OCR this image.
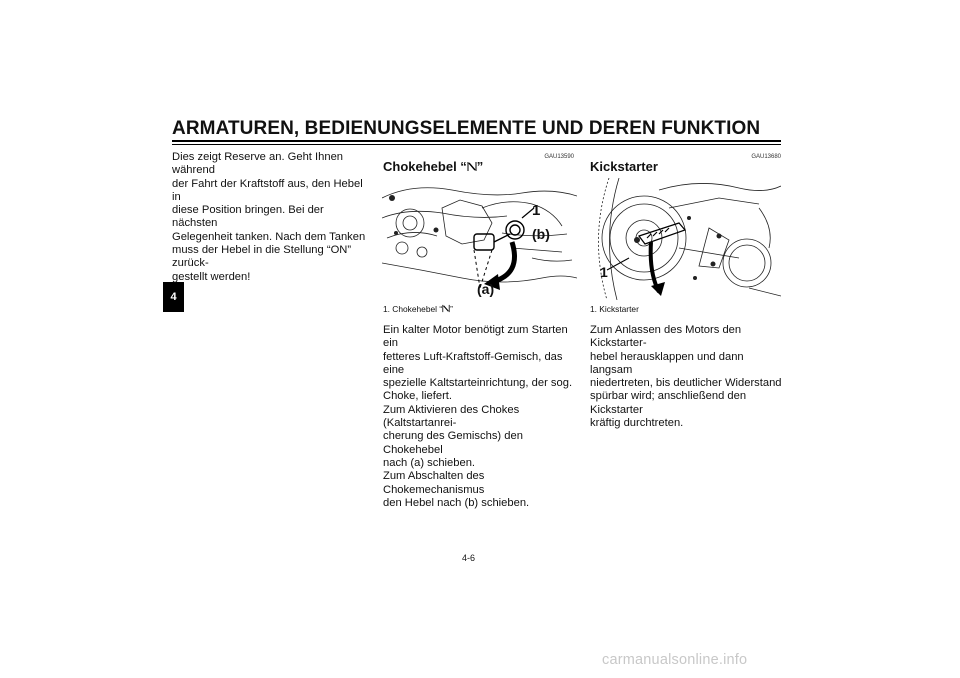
ARMATUREN, BEDIENUNGSELEMENTE UND DEREN FUNKTION
4

Dies zeigt Reserve an. Geht Ihnen während

der Fahrt der Kraftstoff aus, den Hebel in

diese Position bringen. Bei der nächsten

Gelegenheit tanken. Nach dem Tanken

muss der Hebel in die Stellung “ON” zurück-

gestellt werden!

GAU13590
Chokehebel “ ”
1
(b)
(a)
1. Chokehebel “ ”

Ein kalter Motor benötigt zum Starten ein

fetteres Luft-Kraftstoff-Gemisch, das eine

spezielle Kaltstarteinrichtung, der sog.

Choke, liefert.

Zum Aktivieren des Chokes (Kaltstartanrei-

cherung des Gemischs) den Chokehebel

nach (a) schieben.

Zum Abschalten des Chokemechanismus

den Hebel nach (b) schieben.

GAU13680
Kickstarter
1
1. Kickstarter

Zum Anlassen des Motors den Kickstarter-

hebel herausklappen und dann langsam

niedertreten, bis deutlicher Widerstand

spürbar wird; anschließend den Kickstarter

kräftig durchtreten.

4-6
carmanualsonline.info
